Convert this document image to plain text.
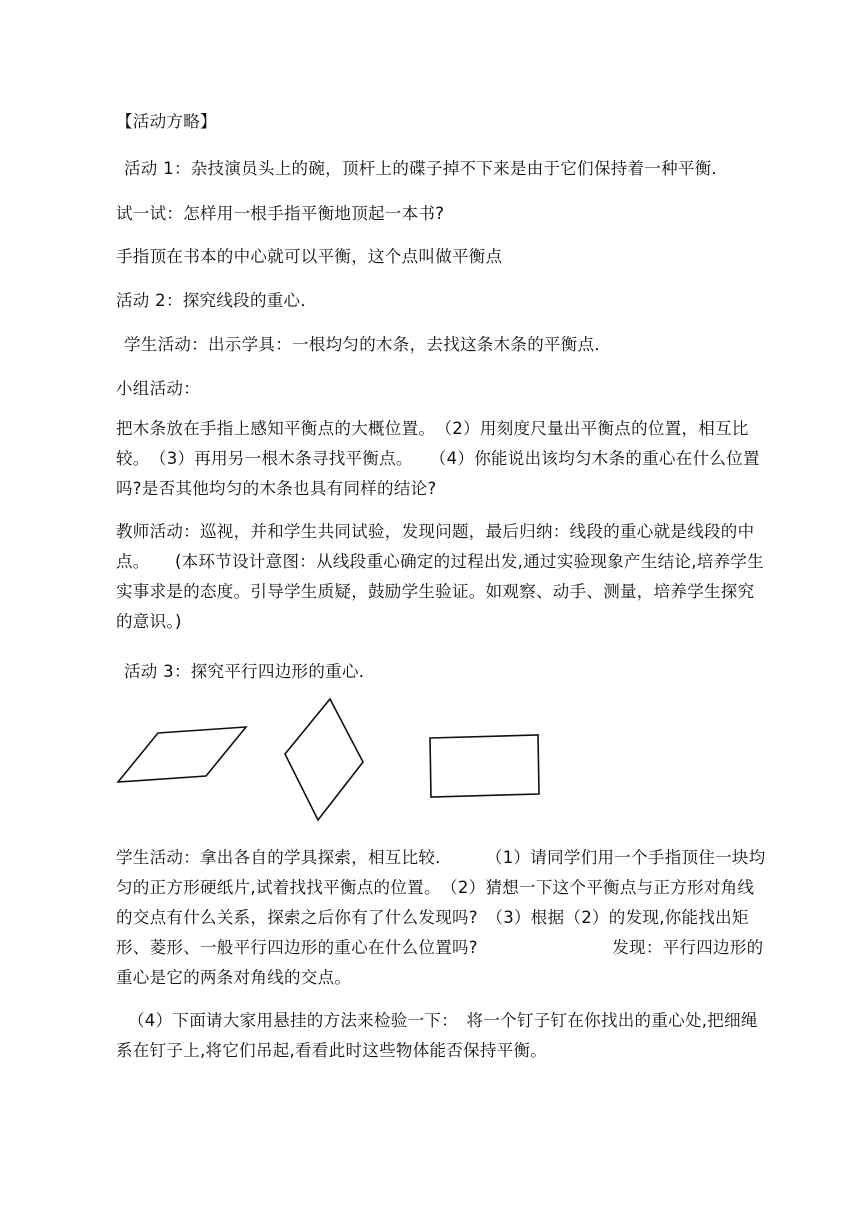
【活动方略】
活动 1：杂技演员头上的碗，顶杆上的碟子掉不下来是由于它们保持着一种平衡．
试一试：怎样用一根手指平衡地顶起一本书?
手指顶在书本的中心就可以平衡，这个点叫做平衡点
活动 2：探究线段的重心．
学生活动：出示学具：一根均匀的木条，去找这条木条的平衡点．
小组活动：
把木条放在手指上感知平衡点的大概位置。　（2）用刻度尺量出平衡点的位置，相互比较。　（3）再用另一根木条寻找平衡点。　　（4）你能说出该均匀木条的重心在什么位置吗?是否其他均匀的木条也具有同样的结论?
教师活动：巡视，并和学生共同试验，发现问题，最后归纳：线段的重心就是线段的中点。　　(本环节设计意图：从线段重心确定的过程出发,通过实验现象产生结论,培养学生实事求是的态度。引导学生质疑，鼓励学生验证。如观察、动手、测量，培养学生探究的意识。)
活动 3：探究平行四边形的重心．
学生活动：拿出各自的学具探索，相互比较．　　　（1）请同学们用一个手指顶住一块均匀的正方形硬纸片,试着找找平衡点的位置。　（2）猜想一下这个平衡点与正方形对角线的交点有什么关系，探索之后你有了什么发现吗?　（3）根据（2）的发现,你能找出矩形、菱形、一般平行四边形的重心在什么位置吗?　　　　　　　　发现：平行四边形的重心是它的两条对角线的交点。
（4）下面请大家用悬挂的方法来检验一下：　将一个钉子钉在你找出的重心处,把细绳系在钉子上,将它们吊起,看看此时这些物体能否保持平衡。
